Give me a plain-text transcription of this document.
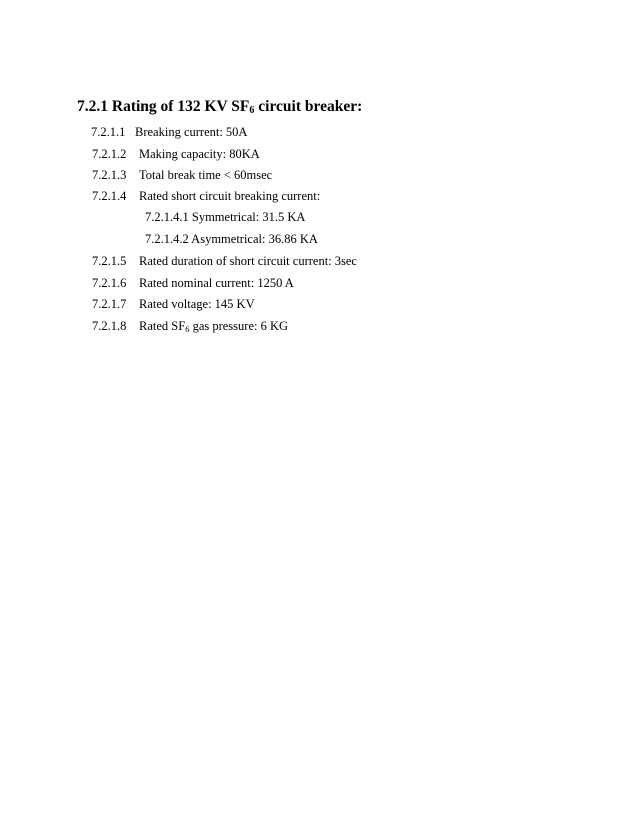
7.2.1 Rating of 132 KV $SF_6$ circuit breaker:
7.2.1.1 Breaking current: 50A
7.2.1.2 Making capacity: 80KA
7.2.1.3 Total break time < 60msec
7.2.1.4 Rated short circuit breaking current:
7.2.1.4.1 Symmetrical: 31.5 KA
7.2.1.4.2 Asymmetrical: 36.86 KA
7.2.1.5 Rated duration of short circuit current: 3sec
7.2.1.6 Rated nominal current: 1250 A
7.2.1.7 Rated voltage: 145 KV
7.2.1.8 Rated $SF_6$ gas pressure: 6 KG
